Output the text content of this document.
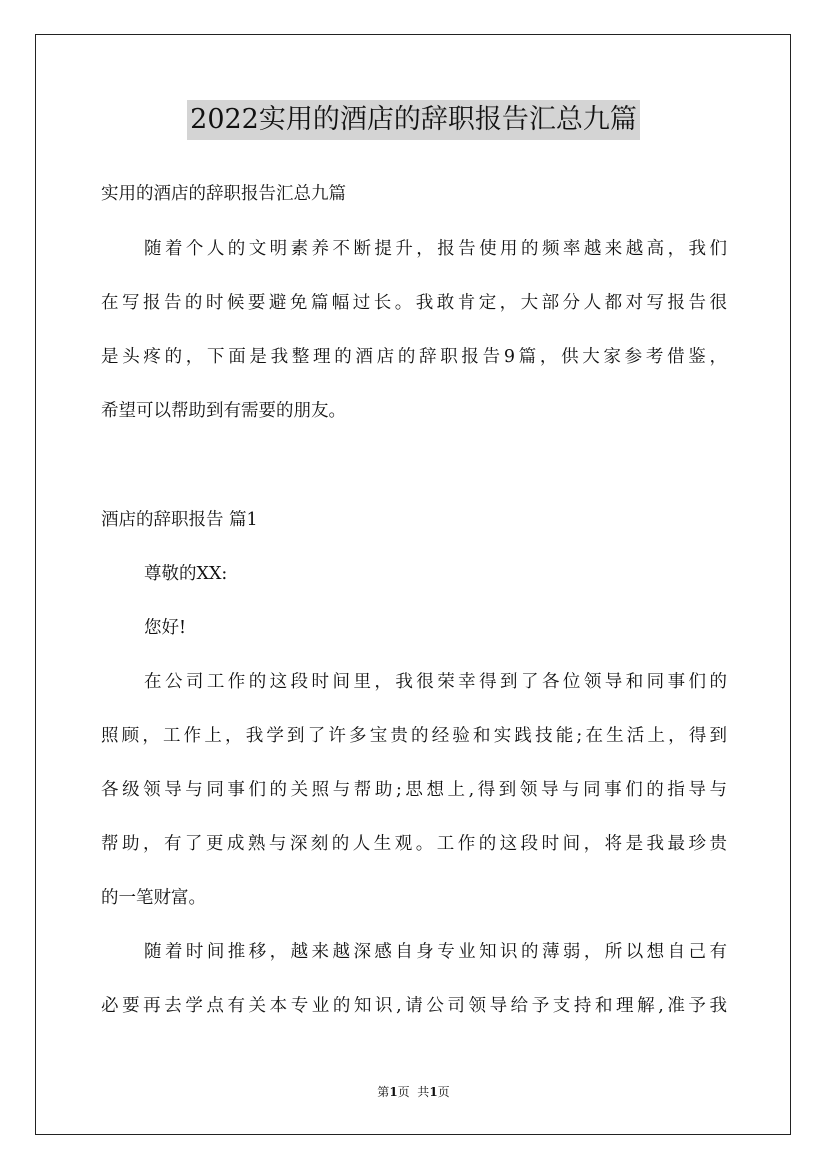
2022实用的酒店的辞职报告汇总九篇
实用的酒店的辞职报告汇总九篇
随着个人的文明素养不断提升，报告使用的频率越来越高，我们
在写报告的时候要避免篇幅过长。我敢肯定，大部分人都对写报告很
是头疼的，下面是我整理的酒店的辞职报告9篇，供大家参考借鉴，
希望可以帮助到有需要的朋友。
酒店的辞职报告 篇1
尊敬的XX:
您好!
在公司工作的这段时间里，我很荣幸得到了各位领导和同事们的
照顾，工作上，我学到了许多宝贵的经验和实践技能;在生活上，得到
各级领导与同事们的关照与帮助;思想上,得到领导与同事们的指导与
帮助，有了更成熟与深刻的人生观。工作的这段时间，将是我最珍贵
的一笔财富。
随着时间推移，越来越深感自身专业知识的薄弱，所以想自己有
必要再去学点有关本专业的知识,请公司领导给予支持和理解,准予我
第1页  共1页
